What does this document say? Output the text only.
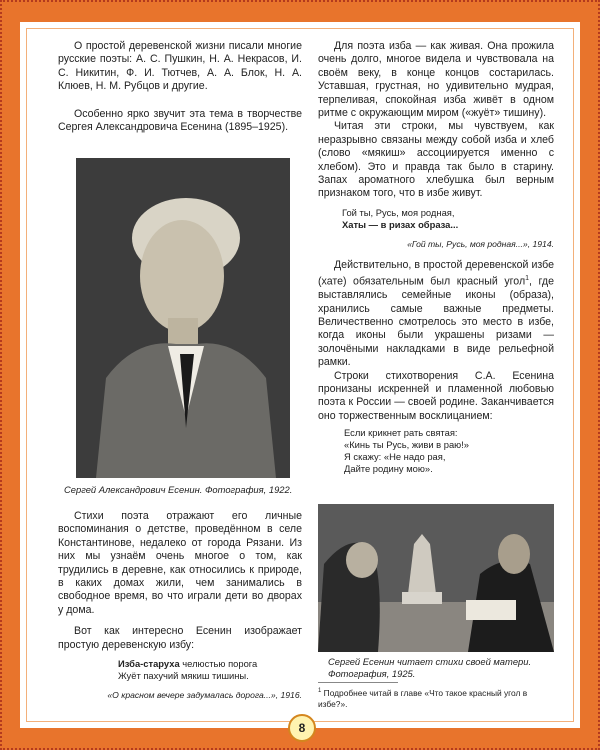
О простой деревенской жизни писали многие русские поэты: А. С. Пушкин, Н. А. Некрасов, И. С. Никитин, Ф. И. Тютчев, А. А. Блок, Н. А. Клюев, Н. М. Рубцов и другие.

Особенно ярко звучит эта тема в творчестве Сергея Александровича Есенина (1895–1925).

Сергей Александрович Есенин. Фотография, 1922.

Стихи поэта отражают его личные воспоминания о детстве, проведённом в селе Константинове, недалеко от города Рязани. Из них мы узнаём очень многое о том, как трудились в деревне, как относились к природе, в каких домах жили, чем занимались в свободное время, во что играли дети во дворах у дома.

Вот как интересно Есенин изображает простую деревенскую избу:

Изба-старуха челюстью порога
Жуёт пахучий мякиш тишины.
«О красном вечере задумалась дорога...», 1916.

Для поэта изба — как живая. Она прожила очень долго, многое видела и чувствовала на своём веку, в конце концов состарилась. Уставшая, грустная, но удивительно мудрая, терпеливая, спокойная изба живёт в одном ритме с окружающим миром («жуёт» тишину).

Читая эти строки, мы чувствуем, как неразрывно связаны между собой изба и хлеб (слово «мякиш» ассоциируется именно с хлебом). Это и правда так было в старину. Запах ароматного хлебушка был верным признаком того, что в избе живут.

Гой ты, Русь, моя родная,
Хаты — в ризах образа...
«Гой ты, Русь, моя родная...», 1914.

Действительно, в простой деревенской избе (хате) обязательным был красный угол$^1$, где выставлялись семейные иконы (образа), хранились самые важные предметы. Величественно смотрелось это место в избе, когда иконы были украшены ризами — золочёными накладками в виде рельефной рамки.

Строки стихотворения С.А. Есенина пронизаны искренней и пламенной любовью поэта к России — своей родине. Заканчивается оно торжественным восклицанием:

Если крикнет рать святая:
«Кинь ты Русь, живи в раю!»
Я скажу: «Не надо рая,
Дайте родину мою».
Сергей Есенин читает стихи своей матери. Фотография, 1925.
$^1$ Подробнее читай в главе «Что такое красный угол в избе?».
8
